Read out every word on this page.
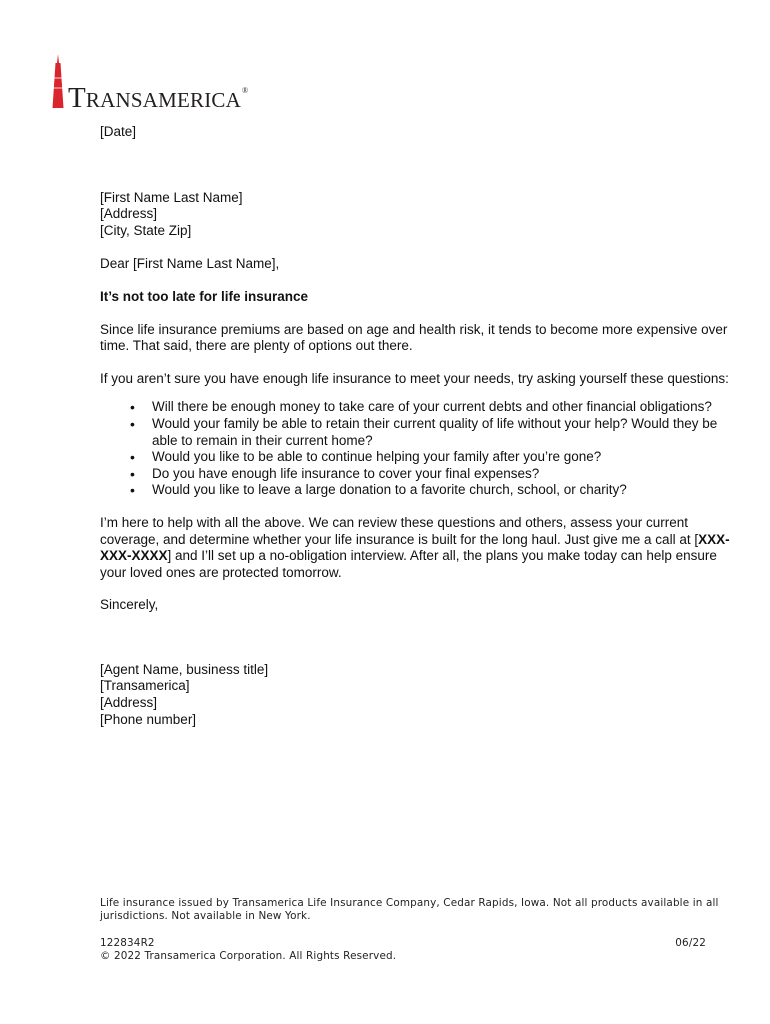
TRANSAMERICA®

[Date]

[First Name Last Name]

[Address]

[City, State Zip]

Dear [First Name Last Name],

It’s not too late for life insurance

Since life insurance premiums are based on age and health risk, it tends to become more expensive over time. That said, there are plenty of options out there.

If you aren’t sure you have enough life insurance to meet your needs, try asking yourself these questions:

• Will there be enough money to take care of your current debts and other financial obligations?
• Would your family be able to retain their current quality of life without your help? Would they be able to remain in their current home?
• Would you like to be able to continue helping your family after you’re gone?
• Do you have enough life insurance to cover your final expenses?
• Would you like to leave a large donation to a favorite church, school, or charity?

I’m here to help with all the above. We can review these questions and others, assess your current coverage, and determine whether your life insurance is built for the long haul. Just give me a call at [XXX-XXX-XXXX] and I’ll set up a no-obligation interview. After all, the plans you make today can help ensure your loved ones are protected tomorrow.

Sincerely,

[Agent Name, business title]

[Transamerica]

[Address]

[Phone number]

Life insurance issued by Transamerica Life Insurance Company, Cedar Rapids, Iowa. Not all products available in all jurisdictions. Not available in New York.

122834R2	06/22

© 2022 Transamerica Corporation. All Rights Reserved.
